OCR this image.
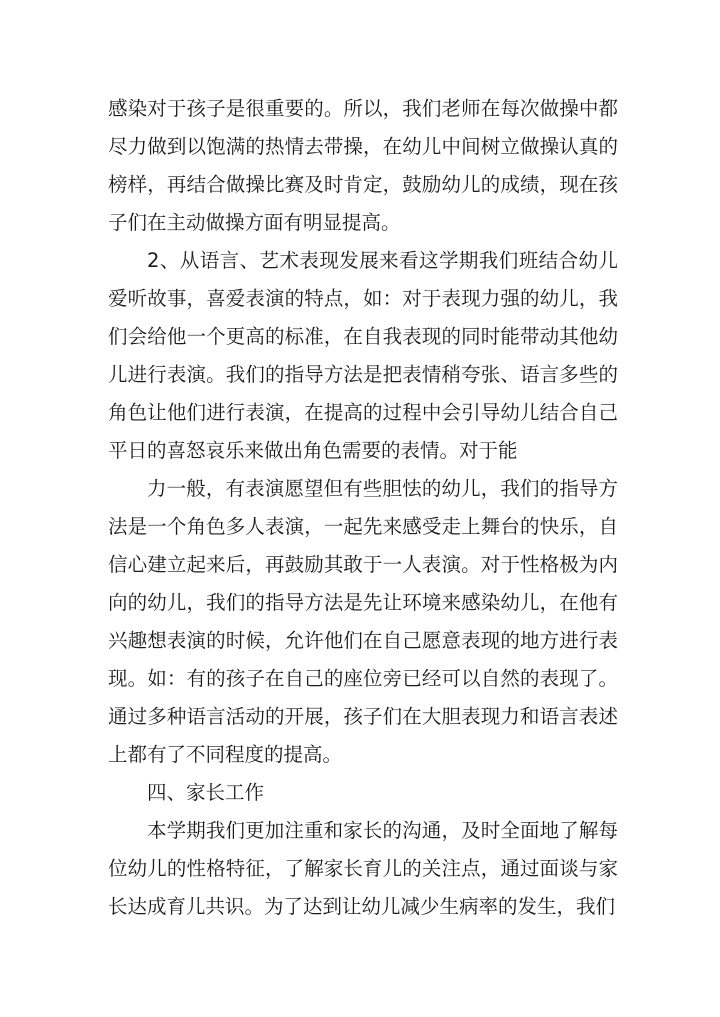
感染对于孩子是很重要的。所以，我们老师在每次做操中都尽力做到以饱满的热情去带操，在幼儿中间树立做操认真的榜样，再结合做操比赛及时肯定，鼓励幼儿的成绩，现在孩子们在主动做操方面有明显提高。

2、从语言、艺术表现发展来看这学期我们班结合幼儿爱听故事，喜爱表演的特点，如：对于表现力强的幼儿，我们会给他一个更高的标准，在自我表现的同时能带动其他幼儿进行表演。我们的指导方法是把表情稍夸张、语言多些的角色让他们进行表演，在提高的过程中会引导幼儿结合自己平日的喜怒哀乐来做出角色需要的表情。对于能

力一般，有表演愿望但有些胆怯的幼儿，我们的指导方法是一个角色多人表演，一起先来感受走上舞台的快乐，自信心建立起来后，再鼓励其敢于一人表演。对于性格极为内向的幼儿，我们的指导方法是先让环境来感染幼儿，在他有兴趣想表演的时候，允许他们在自己愿意表现的地方进行表现。如：有的孩子在自己的座位旁已经可以自然的表现了。通过多种语言活动的开展，孩子们在大胆表现力和语言表述上都有了不同程度的提高。

四、家长工作

本学期我们更加注重和家长的沟通，及时全面地了解每位幼儿的性格特征，了解家长育儿的关注点，通过面谈与家长达成育儿共识。为了达到让幼儿减少生病率的发生，我们
